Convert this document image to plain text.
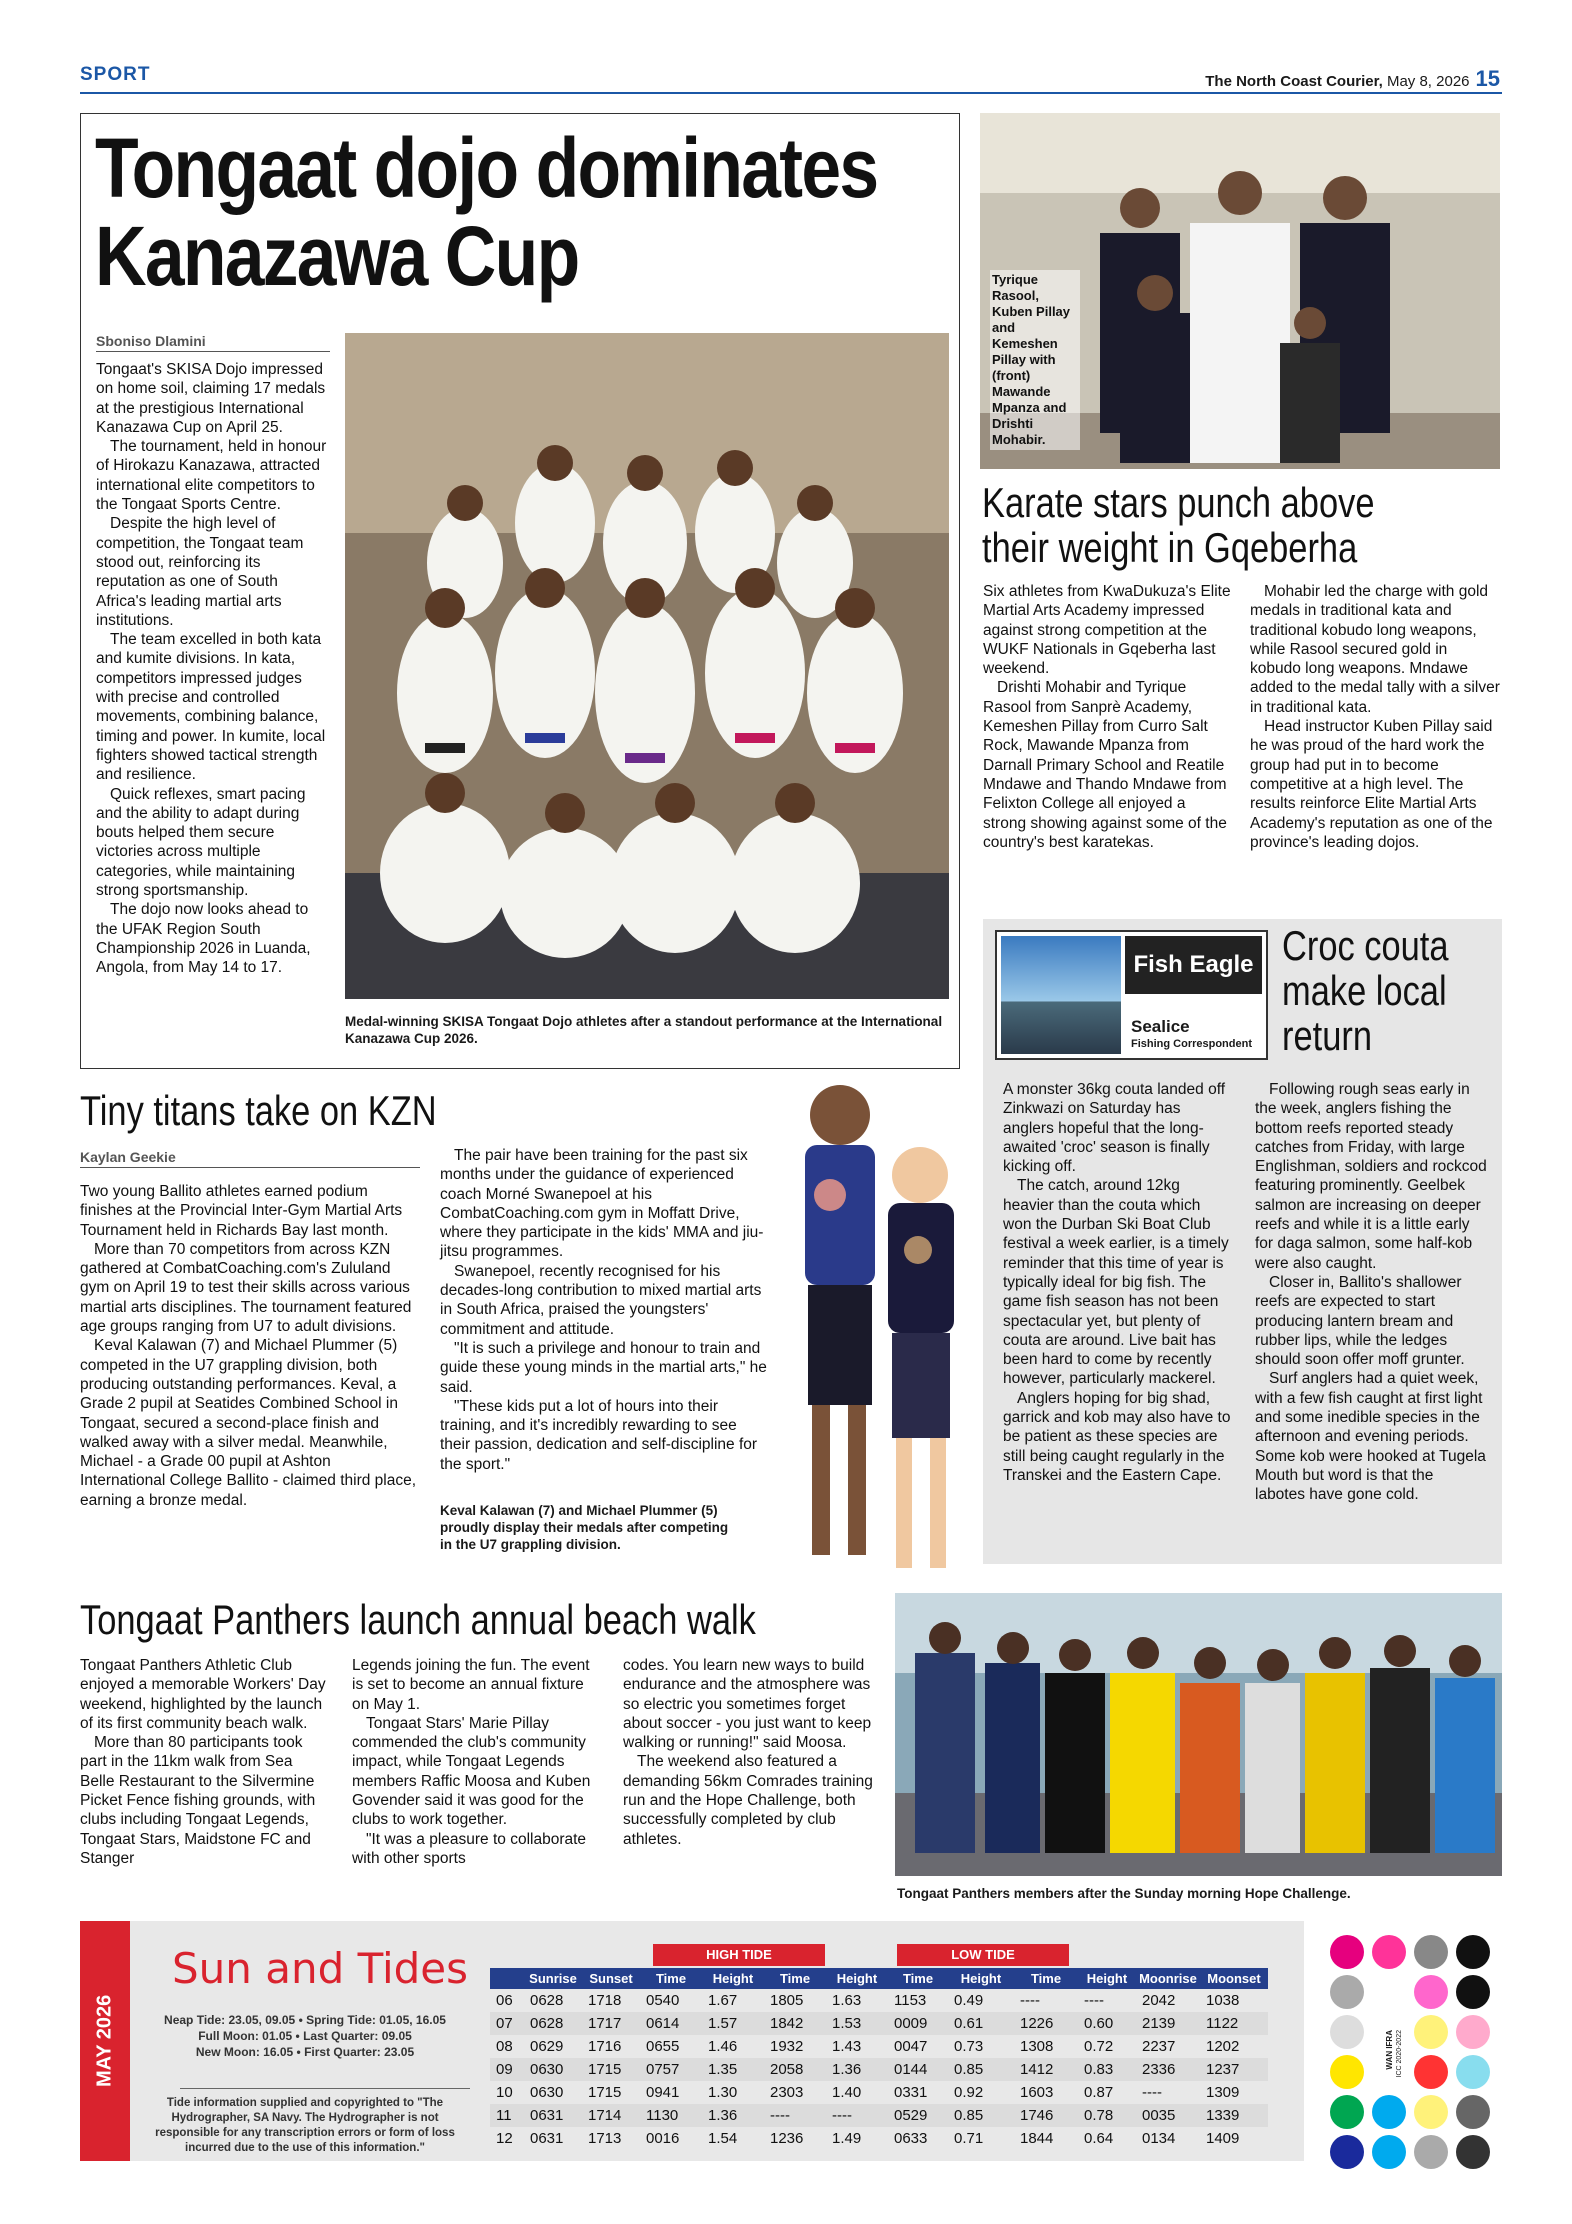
SPORT	The North Coast Courier, May 8, 2026 15
Tongaat dojo dominates
Kanazawa Cup
Sboniso Dlamini

Tongaat's SKISA Dojo impressed on home soil, claiming 17 medals at the prestigious International Kanazawa Cup on April 25.

The tournament, held in honour of Hirokazu Kanazawa, attracted international elite competitors to the Tongaat Sports Centre.

Despite the high level of competition, the Tongaat team stood out, reinforcing its reputation as one of South Africa's leading martial arts institutions.

The team excelled in both kata and kumite divisions. In kata, competitors impressed judges with precise and controlled movements, combining balance, timing and power. In kumite, local fighters showed tactical strength and resilience.

Quick reflexes, smart pacing and the ability to adapt during bouts helped them secure victories across multiple categories, while maintaining strong sportsmanship.

The dojo now looks ahead to the UFAK Region South Championship 2026 in Luanda, Angola, from May 14 to 17.

Medal-winning SKISA Tongaat Dojo athletes after a standout performance at the International Kanazawa Cup 2026.
Tyrique Rasool, Kuben Pillay and Kemeshen Pillay with (front) Mawande Mpanza and Drishti Mohabir.
Karate stars punch above
their weight in Gqeberha

Six athletes from KwaDukuza's Elite Martial Arts Academy impressed against strong competition at the WUKF Nationals in Gqeberha last weekend.

Drishti Mohabir and Tyrique Rasool from Sanprè Academy, Kemeshen Pillay from Curro Salt Rock, Mawande Mpanza from Darnall Primary School and Reatile Mndawe and Thando Mndawe from Felixton College all enjoyed a strong showing against some of the country's best karatekas.

Mohabir led the charge with gold medals in traditional kata and traditional kobudo long weapons, while Rasool secured gold in kobudo long weapons. Mndawe added to the medal tally with a silver in traditional kata.

Head instructor Kuben Pillay said he was proud of the hard work the group had put in to become competitive at a high level. The results reinforce Elite Martial Arts Academy's reputation as one of the province's leading dojos.

Fish Eagle
Sealice
Fishing Correspondent
Croc couta
make local
return

A monster 36kg couta landed off Zinkwazi on Saturday has anglers hopeful that the long-awaited 'croc' season is finally kicking off.

The catch, around 12kg heavier than the couta which won the Durban Ski Boat Club festival a week earlier, is a timely reminder that this time of year is typically ideal for big fish. The game fish season has not been spectacular yet, but plenty of couta are around. Live bait has been hard to come by recently however, particularly mackerel.

Anglers hoping for big shad, garrick and kob may also have to be patient as these species are still being caught regularly in the Transkei and the Eastern Cape.

Following rough seas early in the week, anglers fishing the bottom reefs reported steady catches from Friday, with large Englishman, soldiers and rockcod featuring prominently. Geelbek salmon are increasing on deeper reefs and while it is a little early for daga salmon, some half-kob were also caught.

Closer in, Ballito's shallower reefs are expected to start producing lantern bream and rubber lips, while the ledges should soon offer moff grunter.

Surf anglers had a quiet week, with a few fish caught at first light and some inedible species in the afternoon and evening periods. Some kob were hooked at Tugela Mouth but word is that the labotes have gone cold.

Tiny titans take on KZN
Kaylan Geekie

Two young Ballito athletes earned podium finishes at the Provincial Inter-Gym Martial Arts Tournament held in Richards Bay last month.

More than 70 competitors from across KZN gathered at CombatCoaching.com's Zululand gym on April 19 to test their skills across various martial arts disciplines. The tournament featured age groups ranging from U7 to adult divisions.

Keval Kalawan (7) and Michael Plummer (5) competed in the U7 grappling division, both producing outstanding performances. Keval, a Grade 2 pupil at Seatides Combined School in Tongaat, secured a second-place finish and walked away with a silver medal. Meanwhile, Michael - a Grade 00 pupil at Ashton International College Ballito - claimed third place, earning a bronze medal.

The pair have been training for the past six months under the guidance of experienced coach Morné Swanepoel at his CombatCoaching.com gym in Moffatt Drive, where they participate in the kids' MMA and jiu-jitsu programmes.

Swanepoel, recently recognised for his decades-long contribution to mixed martial arts in South Africa, praised the youngsters' commitment and attitude.

"It is such a privilege and honour to train and guide these young minds in the martial arts," he said.

"These kids put a lot of hours into their training, and it's incredibly rewarding to see their passion, dedication and self-discipline for the sport."

Keval Kalawan (7) and Michael Plummer (5) proudly display their medals after competing in the U7 grappling division.
Tongaat Panthers launch annual beach walk

Tongaat Panthers Athletic Club enjoyed a memorable Workers' Day weekend, highlighted by the launch of its first community beach walk.

More than 80 participants took part in the 11km walk from Sea Belle Restaurant to the Silvermine Picket Fence fishing grounds, with clubs including Tongaat Legends, Tongaat Stars, Maidstone FC and Stanger

Legends joining the fun. The event is set to become an annual fixture on May 1.

Tongaat Stars' Marie Pillay commended the club's community impact, while Tongaat Legends members Raffic Moosa and Kuben Govender said it was good for the clubs to work together.

"It was a pleasure to collaborate with other sports

codes. You learn new ways to build endurance and the atmosphere was so electric you sometimes forget about soccer - you just want to keep walking or running!" said Moosa.

The weekend also featured a demanding 56km Comrades training run and the Hope Challenge, both successfully completed by club athletes.

Tongaat Panthers members after the Sunday morning Hope Challenge.
MAY 2026
Sun and Tides
Neap Tide: 23.05, 09.05 • Spring Tide: 01.05, 16.05
Full Moon: 01.05 • Last Quarter: 09.05
New Moon: 16.05 • First Quarter: 23.05
Tide information supplied and copyrighted to "The Hydrographer, SA Navy. The Hydrographer is not responsible for any transcription errors or form of loss incurred due to the use of this information."
HIGH TIDE	LOW TIDE
	Sunrise	Sunset	Time	Height	Time	Height	Time	Height	Time	Height	Moonrise	Moonset
06	0628	1718	0540	1.67	1805	1.63	1153	0.49	----	----	2042	1038
07	0628	1717	0614	1.57	1842	1.53	0009	0.61	1226	0.60	2139	1122
08	0629	1716	0655	1.46	1932	1.43	0047	0.73	1308	0.72	2237	1202
09	0630	1715	0757	1.35	2058	1.36	0144	0.85	1412	0.83	2336	1237
10	0630	1715	0941	1.30	2303	1.40	0331	0.92	1603	0.87	----	1309
11	0631	1714	1130	1.36	----	----	0529	0.85	1746	0.78	0035	1339
12	0631	1713	0016	1.54	1236	1.49	0633	0.71	1844	0.64	0134	1409
WAN IFRA ICC 2020-2022
